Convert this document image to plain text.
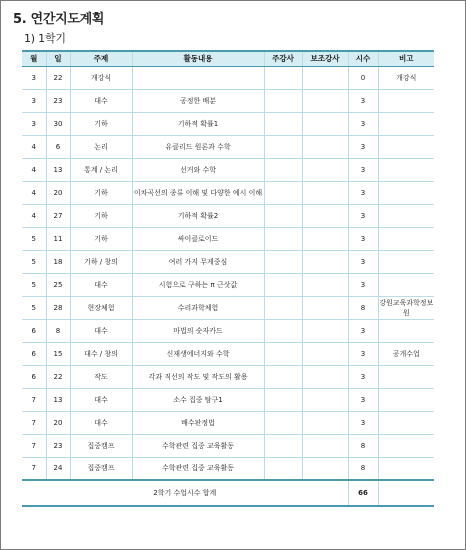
5. 연간지도계획
1) 1학기
월	일	주제	활동내용	주강사	보조강사	시수	비고
3	22	개강식				0	개강식
3	23	대수	공정한 배분			3	
3	30	기하	기하적 확률1			3	
4	6	논리	유클리드 원론과 수학			3	
4	13	통계 / 논리	선거와 수학			3	
4	20	기하	이차곡선의 종류 이해 및 다양한 예시 이해			3	
4	27	기하	기하적 확률2			3	
5	11	기하	싸이클로이드			3	
5	18	기하 / 창의	여러 가지 무게중심			3	
5	25	대수	시험으로 구하는 π 근삿값			3	
5	28	현장체험	수리과학체험			8	강원교육과학정보원
6	8	대수	마법의 숫자카드			3	
6	15	대수 / 창의	신재생에너지와 수학			3	공개수업
6	22	작도	각과 직선의 작도 및 작도의 활용			3	
7	13	대수	소수 집중 탐구1			3	
7	20	대수	배수판정법			3	
7	23	집중캠프	수학관련 집중 교육활동			8	
7	24	집중캠프	수학관련 집중 교육활동			8	
2학기 수업시수 합계						66	
